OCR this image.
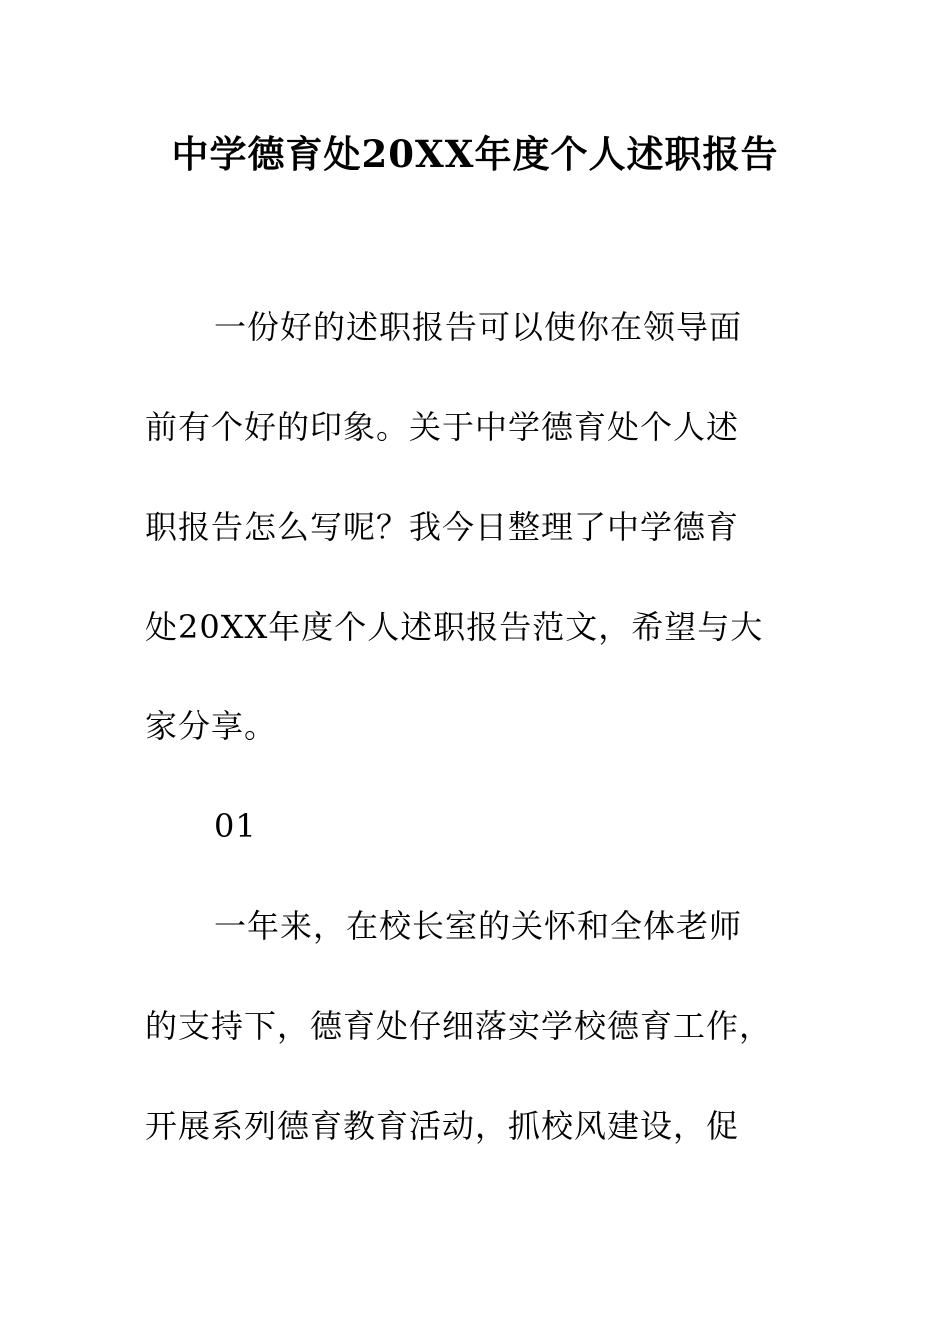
中学德育处20XX年度个人述职报告
一份好的述职报告可以使你在领导面
前有个好的印象。关于中学德育处个人述
职报告怎么写呢？我今日整理了中学德育
处20XX年度个人述职报告范文，希望与大
家分享。
01
一年来，在校长室的关怀和全体老师
的支持下，德育处仔细落实学校德育工作，
开展系列德育教育活动，抓校风建设，促
